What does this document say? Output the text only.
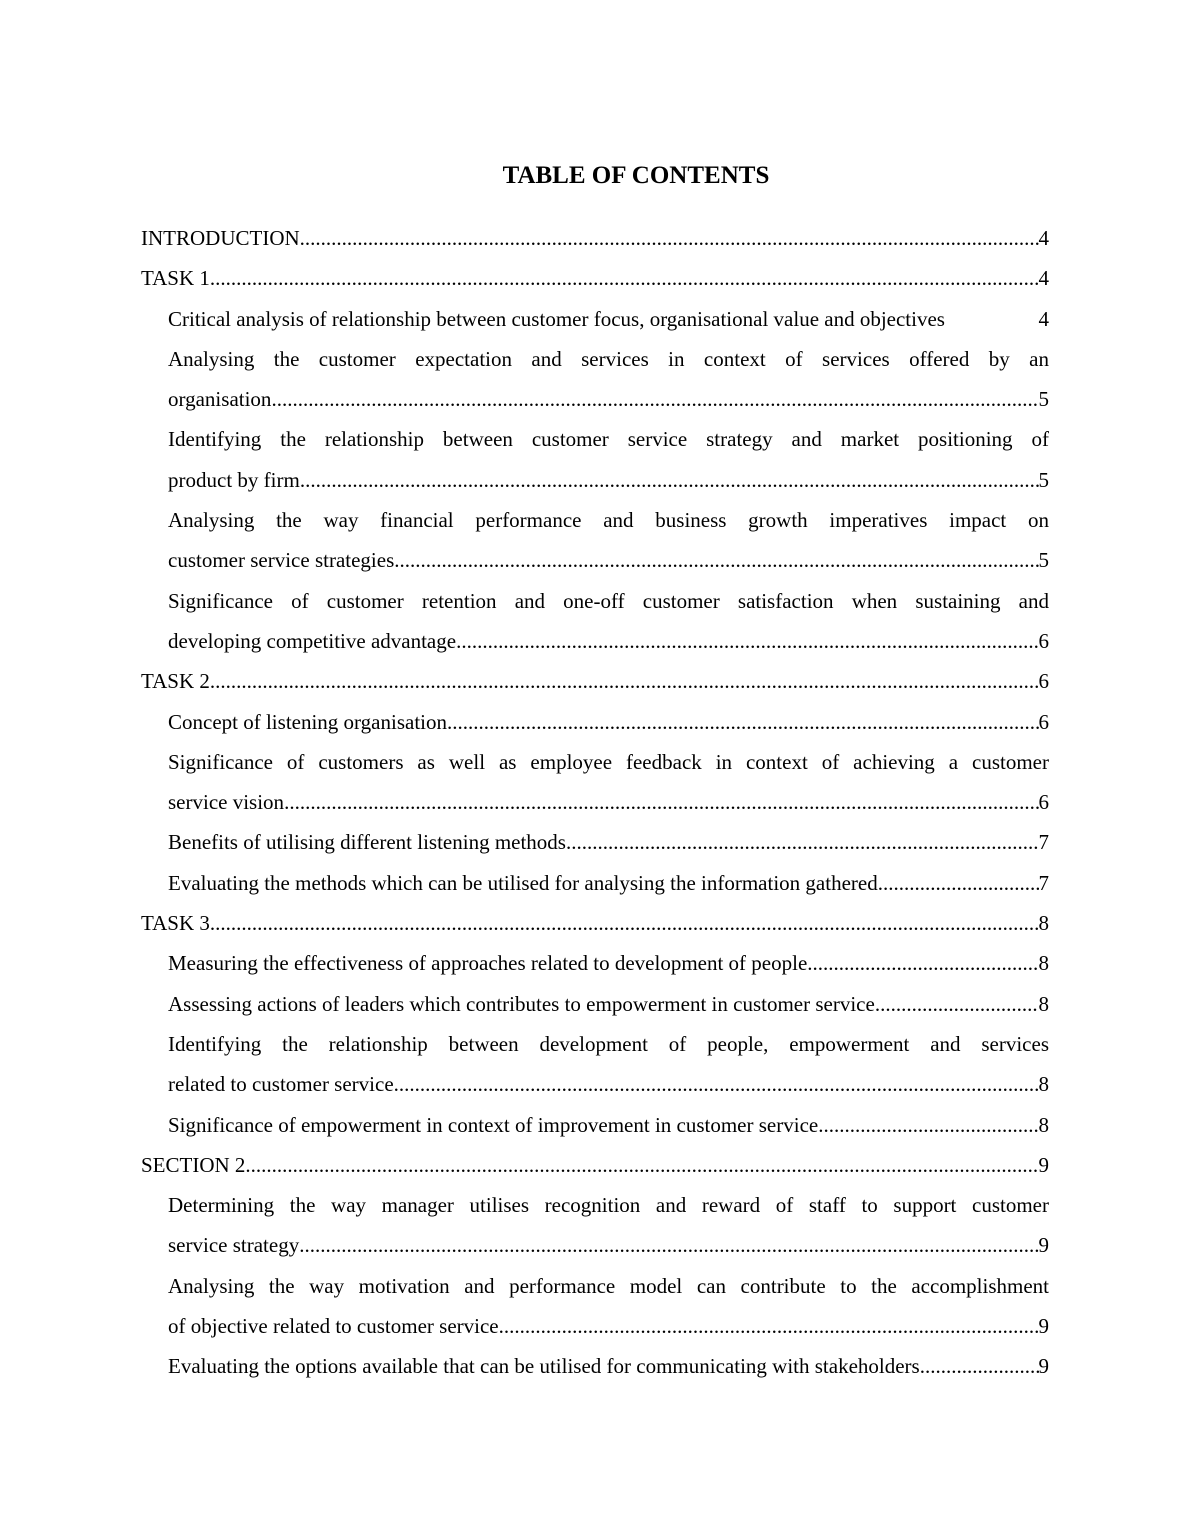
TABLE OF CONTENTS
INTRODUCTION .....	4
TASK 1 .....	4
Critical analysis of relationship between customer focus, organisational value and objectives	4
Analysing the customer expectation and services in context of services offered by an
organisation .....	5
Identifying the relationship between customer service strategy and market positioning of
product by firm .....	5
Analysing the way financial performance and business growth imperatives impact on
customer service strategies .....	5
Significance of customer retention and one-off customer satisfaction when sustaining and
developing competitive advantage .....	6
TASK 2 .....	6
Concept of listening organisation .....	6
Significance of customers as well as employee feedback in context of achieving a customer
service vision .....	6
Benefits of utilising different listening methods .....	7
Evaluating the methods which can be utilised for analysing the information gathered .....	7
TASK 3 .....	8
Measuring the effectiveness of approaches related to development of people .....	8
Assessing actions of leaders which contributes to empowerment in customer service .....	8
Identifying the relationship between development of people, empowerment and services
related to customer service .....	8
Significance of empowerment in context of improvement in customer service .....	8
SECTION 2 .....	9
Determining the way manager utilises recognition and reward of staff to support customer
service strategy .....	9
Analysing the way motivation and performance model can contribute to the accomplishment
of objective related to customer service .....	9
Evaluating the options available that can be utilised for communicating with stakeholders .....	9
